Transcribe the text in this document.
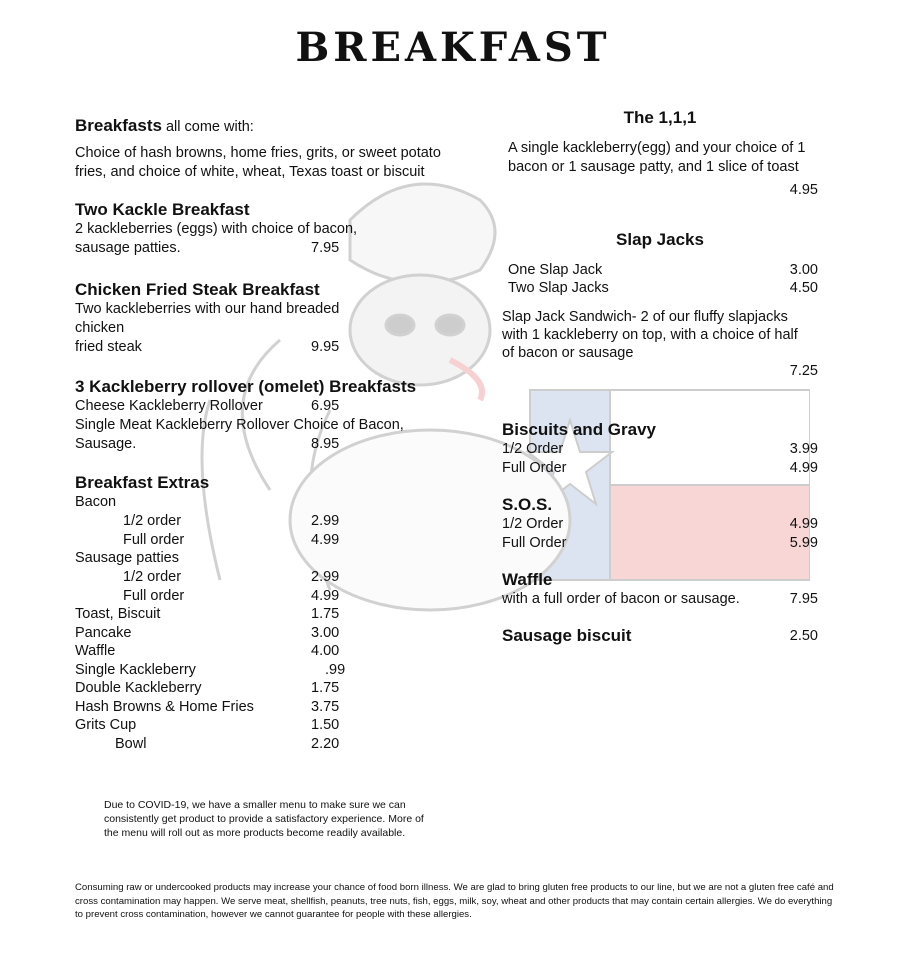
BREAKFAST
Breakfasts all come with:
Choice of hash browns, home fries, grits, or sweet potato fries, and choice of white, wheat, Texas toast or biscuit
Two Kackle Breakfast
2 kackleberries (eggs) with choice of bacon,
sausage patties.	7.95
Chicken Fried Steak Breakfast
Two kackleberries with our hand breaded chicken
fried steak	9.95
3 Kackleberry rollover (omelet) Breakfasts
Cheese Kackleberry Rollover	6.95
Single Meat Kackleberry Rollover Choice of Bacon,
Sausage.	8.95
Breakfast Extras
Bacon
1/2 order	2.99
Full order	4.99
Sausage patties
1/2 order	2.99
Full order	4.99
Toast, Biscuit	1.75
Pancake	3.00
Waffle	4.00
Single Kackleberry	.99
Double Kackleberry	1.75
Hash Browns & Home Fries	3.75
Grits Cup	1.50
Bowl	2.20
The 1,1,1
A single kackleberry(egg) and your choice of 1 bacon or 1 sausage patty, and 1 slice of toast
4.95
Slap Jacks
One Slap Jack	3.00
Two Slap Jacks	4.50
Slap Jack Sandwich- 2 of our fluffy slapjacks with 1 kackleberry on top, with a choice of half of bacon or sausage
7.25
Biscuits and Gravy
1/2 Order	3.99
Full Order	4.99
S.O.S.
1/2 Order	4.99
Full Order	5.99
Waffle
with a full order of bacon or sausage.	7.95
Sausage biscuit	2.50
Due to COVID-19, we have a smaller menu to make sure we can consistently get product to provide a satisfactory experience. More of the menu will roll out as more products become readily available.
Consuming raw or undercooked products may increase your chance of food born illness. We are glad to bring gluten free products to our line, but we are not a gluten free café and cross contamination may happen. We serve meat, shellfish, peanuts, tree nuts, fish, eggs, milk, soy, wheat and other products that may contain certain allergies. We do everything to prevent cross contamination, however we cannot guarantee for people with these allergies.
